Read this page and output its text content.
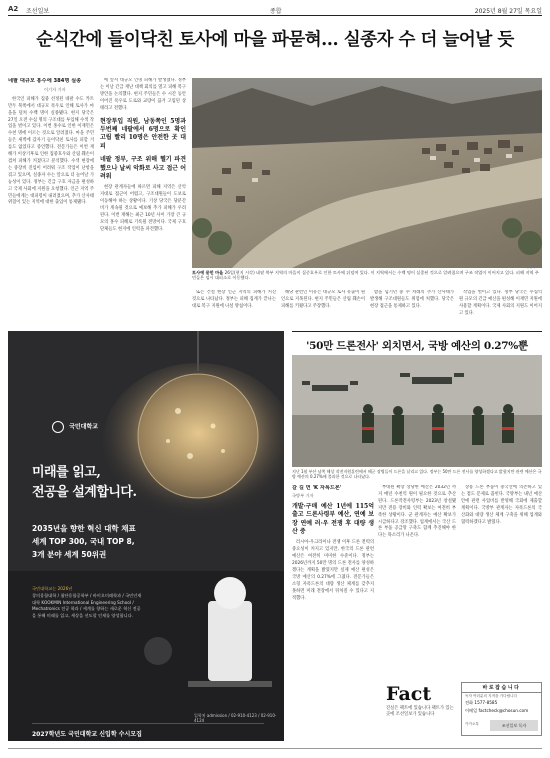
A2 조선일보	종합	2025년 8월 27일 목요일
순식간에 들이닥친 토사에 마을 파묻혀… 실종자 수 더 늘어날 듯
네팔 대규모 홍수에 384명 실종
이기자 기자

한국인 피해가 집중 선정된 네팔 수도 카트만두 북쪽에서 대규모 폭우로 인해 토사가 마을을 덮쳐 수백 명이 실종됐다. 현지 당국은 27일 오전 수십 명의 구조대를 투입해 수색 작업을 벌이고 있다. 이번 홍수로 인한 이재민은 수천 명에 이르는 것으로 알려졌다. 마을 주민들은 새벽에 갑자기 들이닥친 토사를 피할 겨를도 없었다고 증언했다. 전문가들은 이번 재해가 이상기후로 인한 집중호우와 산림 훼손이 겹쳐 피해가 커졌다고 분석했다. 수색 현장에는 중장비 진입이 어려워 구조 작업이 난항을 겪고 있으며, 실종자 수는 앞으로 더 늘어날 가능성이 있다. 정부는 긴급 구호 자금을 편성하고 국제 사회에 지원을 요청했다. 인근 지역 주민들에게는 대피령이 내려졌으며, 추가 산사태 위험이 있는 지역에 대한 출입이 통제됐다.

에 앞서 대규모 인명 피해가 발생했다. 정부는 이날 긴급 재난 대책 회의를 열고 피해 복구 방안을 논의했다. 현지 주민들은 수 시간 동안 이어진 폭우로 도로와 교량이 끊겨 고립된 상태라고 전했다.

현장투입 직원, 남동쪽인 5명과 두번째 네팔에서 6명으로 확인 고립 빨리 10명은 안전한 곳 대피
네팔 정부, 구조 위해 헬기 파견 했으나 날씨 악화로 사고 접근 어려워

현장 관계자들에 따르면 피해 지역은 산악 지대로 접근이 어렵고, 구조대원들이 도보로 이동해야 하는 상황이다. 기상 당국은 당분간 비가 계속될 것으로 예보해 추가 피해가 우려된다. 이번 재해는 최근 10년 사이 가장 큰 규모의 홍수 피해로 기록될 전망이다. 국제 구호 단체들도 현지에 인력을 파견했다.

AP 연합뉴스
토사에 묻힌 마을 26일(현지 시각) 네팔 북부 지역의 마을이 집중호우로 인한 토사에 뒤덮여 있다. 이 지역에서는 수백 명이 실종된 것으로 알려졌으며 구조 작업이 이어지고 있다. 피해 지역 주민들은 임시 대피소로 이동했다.

또는 건설 현장 인근 지역의 피해가 커진 것으로 나타났다. 정부는 피해 집계가 끝나는 대로 복구 지원에 나설 방침이다.

해당 관련인 이유는 대규모 토사 유출이 원인으로 지목된다. 현지 주민들은 산림 훼손이 피해를 키웠다고 주장했다.

밤을 넘기던 중 수 차례의 추가 산사태가 발생해 구조대원들도 위험에 처했다. 당국은 현장 접근을 통제하고 있다.

작업을 벌이고 있다. 정부 당국은 수십억 원 규모의 긴급 예산을 편성해 이재민 지원에 사용할 계획이다. 국제 사회의 지원도 이어지고 있다.

국민대학교
미래를 읽고,
전공을 설계합니다.
2035년을 향한 혁신 대학 채표
세계 TOP 300, 국내 TOP 8,
3개 분야 세계 50위권
국민대학교는 2026년
창의융합대학 / 첨단융합공학부 / 바이오미래학과 / 국민인재대학 KOOKMIN International Engineering School / Mechatronics 전공 학과 / 세계를 향하는 새로운 혁신 전공을 통해 미래를 읽고, 세상을 선도할 인재를 양성합니다.
입학처 admission / 02-910-4123 / 02-910-4124
2027학년도 국민대학교 신입학 수시모집
'50만 드론전사' 외치면서, 국방 예산의 0.27%뿐
지난 1월 부산 남쪽 해상 작전지원훈련에서 해군 장병들이 드론을 날리고 있다. 정부는 50만 드론 전사를 양성하겠다고 밝혔지만 관련 예산은 국방 예산의 0.27%에 불과한 것으로 나타났다.
갈 길 먼 'K 자폭드론'
국방부 기자
개발·구매 예산 1년에 115억 출고 드론사령부 예산, 연예 보장 연예 러·우 전쟁 후 대량 생산 중

러시아-우크라이나 전쟁 이후 드론 전력의 중요성이 커지고 있지만, 한국의 드론 관련 예산은 여전히 미미한 수준이다. 정부는 2026년까지 50만 명의 드론 전사를 양성하겠다는 계획을 밝혔지만 실제 예산 편성은 국방 예산의 0.27%에 그쳤다. 전문가들은 소형 자폭드론의 대량 생산 체계를 갖추지 못하면 미래 전장에서 뒤처질 수 있다고 지적했다.

부대원 확장 상당한 예산은 2032년 까지 매년 수천억 원이 필요한 것으로 추산된다. 드론작전사령부는 2023년 창설됐지만 전용 장비와 인력 확보는 여전히 부족한 상황이다. 군 관계자는 예산 확보가 시급하다고 강조했다. 업계에서는 국산 드론 부품 공급망 구축도 함께 추진해야 한다는 목소리가 나온다.

상용 드론 부품이 중국산에 의존하고 있는 점도 문제로 꼽힌다. 국방부는 내년 예산안에 관련 사업비를 반영해 국회에 제출할 계획이다. 국방부 관계자는 자폭드론의 국산화와 대량 생산 체계 구축을 위해 업계와 협력하겠다고 밝혔다.

Fact
진실은 팩트에 있습니다 팩트가 있는 곳에 조선일보가 있습니다
바로잡습니다
독자 여러분의 지적을 기다립니다
전화 1577-8585
이메일 factcheck@chosun.com
카카오톡	조선일보 독자
